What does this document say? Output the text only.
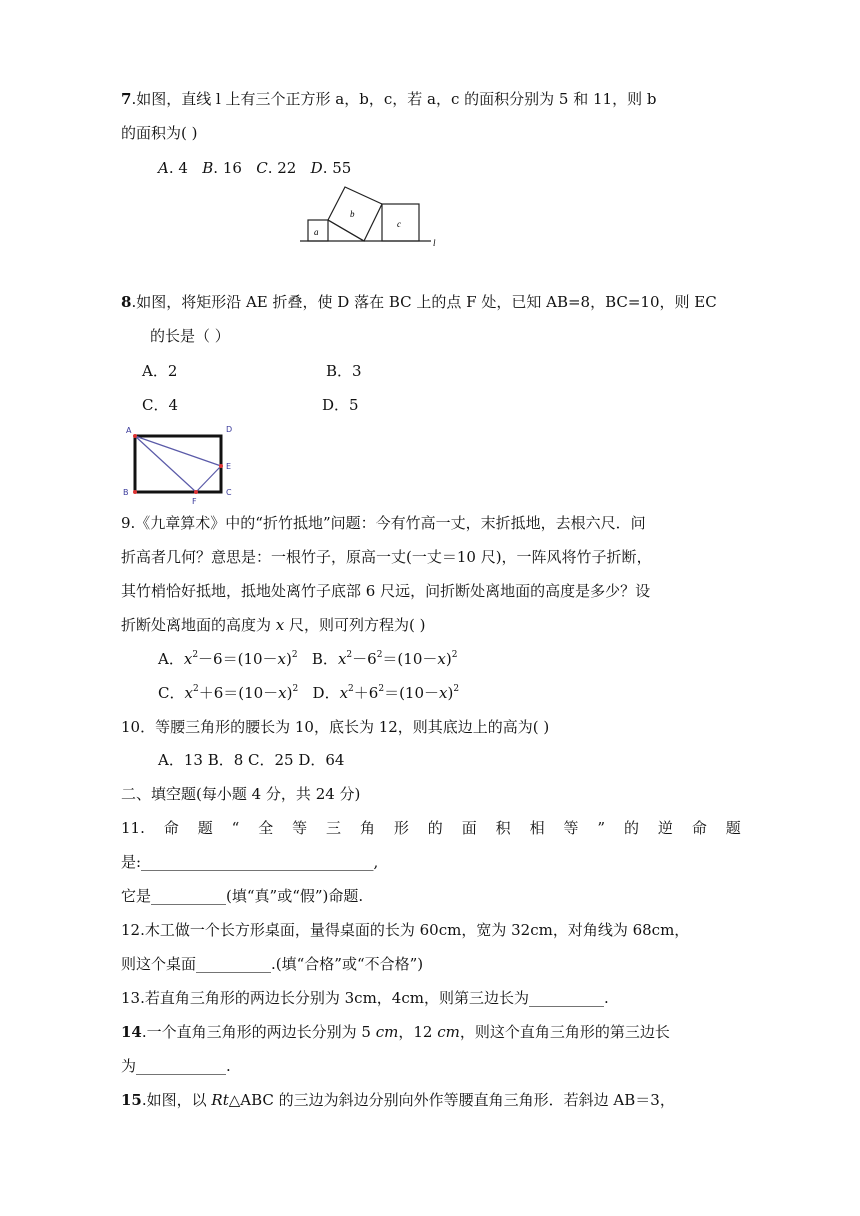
7.如图，直线 l 上有三个正方形 a，b，c，若 a，c 的面积分别为 5 和 11，则 b
的面积为( )
A. 4 B. 16 C. 22 D. 55
a
b
c
l
8.如图，将矩形沿 AE 折叠，使 D 落在 BC 上的点 F 处，已知 AB=8，BC=10，则 EC
的长是（ ）
A．2	B．3
C．4	D．5
A	D
E
B	C
F
9.《九章算术》中的“折竹抵地”问题：今有竹高一丈，末折抵地，去根六尺．问
折高者几何？意思是：一根竹子，原高一丈(一丈＝10 尺)，一阵风将竹子折断，
其竹梢恰好抵地，抵地处离竹子底部 6 尺远，问折断处离地面的高度是多少？设
折断处离地面的高度为 x 尺，则可列方程为( )
A．$x^2-6=(10-x)^2$ B．$x^2-6^2=(10-x)^2$
C．$x^2+6=(10-x)^2$ D．$x^2+6^2=(10-x)^2$
10．等腰三角形的腰长为 10，底长为 12，则其底边上的高为( )
A．13 B．8 C．25 D．64
二、填空题(每小题 4 分，共 24 分)
11. 命 题 “ 全 等 三 角 形 的 面 积 相 等 ” 的 逆 命 题
是:_______________________________,
它是__________(填“真”或“假”)命题.
12.木工做一个长方形桌面，量得桌面的长为 60cm，宽为 32cm，对角线为 68cm，
则这个桌面__________.(填“合格”或“不合格”)
13.若直角三角形的两边长分别为 3cm，4cm，则第三边长为__________.
14.一个直角三角形的两边长分别为 5 cm，12 cm，则这个直角三角形的第三边长
为____________.
15.如图，以 Rt△ABC 的三边为斜边分别向外作等腰直角三角形．若斜边 AB＝3，
